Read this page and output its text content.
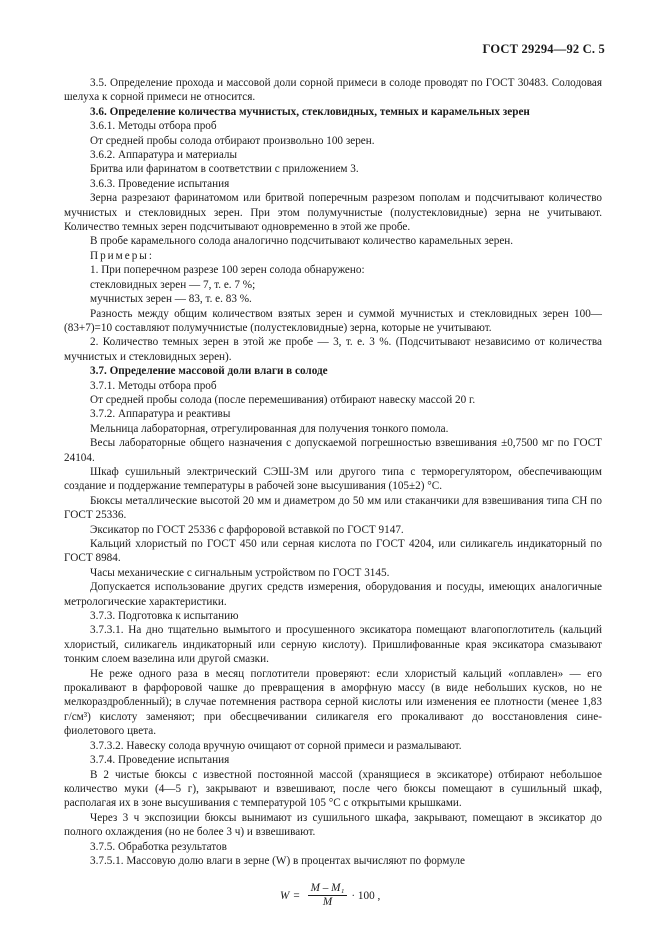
ГОСТ 29294—92 С. 5

3.5. Определение прохода и массовой доли сорной примеси в солоде проводят по ГОСТ 30483. Солодовая шелуха к сорной примеси не относится.

3.6. Определение количества мучнистых, стекловидных, темных и карамельных зерен

3.6.1. Методы отбора проб

От средней пробы солода отбирают произвольно 100 зерен.

3.6.2. Аппаратура и материалы

Бритва или фаринатом в соответствии с приложением 3.

3.6.3. Проведение испытания

Зерна разрезают фаринатомом или бритвой поперечным разрезом пополам и подсчитывают количество мучнистых и стекловидных зерен. При этом полумучнистые (полустекловидные) зерна не учитывают. Количество темных зерен подсчитывают одновременно в этой же пробе.

В пробе карамельного солода аналогично подсчитывают количество карамельных зерен.

Примеры:

1. При поперечном разрезе 100 зерен солода обнаружено:

стекловидных зерен — 7, т. е. 7 %;

мучнистых зерен — 83, т. е. 83 %.

Разность между общим количеством взятых зерен и суммой мучнистых и стекловидных зерен 100—(83+7)=10 составляют полумучнистые (полустекловидные) зерна, которые не учитывают.

2. Количество темных зерен в этой же пробе — 3, т. е. 3 %. (Подсчитывают независимо от количества мучнистых и стекловидных зерен).

3.7. Определение массовой доли влаги в солоде

3.7.1. Методы отбора проб

От средней пробы солода (после перемешивания) отбирают навеску массой 20 г.

3.7.2. Аппаратура и реактивы

Мельница лабораторная, отрегулированная для получения тонкого помола.

Весы лабораторные общего назначения с допускаемой погрешностью взвешивания ±0,7500 мг по ГОСТ 24104.

Шкаф сушильный электрический СЭШ-3М или другого типа с терморегулятором, обеспечивающим создание и поддержание температуры в рабочей зоне высушивания (105±2) °С.

Бюксы металлические высотой 20 мм и диаметром до 50 мм или стаканчики для взвешивания типа СН по ГОСТ 25336.

Эксикатор по ГОСТ 25336 с фарфоровой вставкой по ГОСТ 9147.

Кальций хлористый по ГОСТ 450 или серная кислота по ГОСТ 4204, или силикагель индикаторный по ГОСТ 8984.

Часы механические с сигнальным устройством по ГОСТ 3145.

Допускается использование других средств измерения, оборудования и посуды, имеющих аналогичные метрологические характеристики.

3.7.3. Подготовка к испытанию

3.7.3.1. На дно тщательно вымытого и просушенного эксикатора помещают влагопоглотитель (кальций хлористый, силикагель индикаторный или серную кислоту). Пришлифованные края эксикатора смазывают тонким слоем вазелина или другой смазки.

Не реже одного раза в месяц поглотители проверяют: если хлористый кальций «оплавлен» — его прокаливают в фарфоровой чашке до превращения в аморфную массу (в виде небольших кусков, но не мелкораздробленный); в случае потемнения раствора серной кислоты или изменения ее плотности (менее 1,83 г/см³) кислоту заменяют; при обесцвечивании силикагеля его прокаливают до восстановления сине-фиолетового цвета.

3.7.3.2. Навеску солода вручную очищают от сорной примеси и размалывают.

3.7.4. Проведение испытания

В 2 чистые бюксы с известной постоянной массой (хранящиеся в эксикаторе) отбирают небольшое количество муки (4—5 г), закрывают и взвешивают, после чего бюксы помещают в сушильный шкаф, располагая их в зоне высушивания с температурой 105 °С с открытыми крышками.

Через 3 ч экспозиции бюксы вынимают из сушильного шкафа, закрывают, помещают в эксикатор до полного охлаждения (но не более 3 ч) и взвешивают.

3.7.5. Обработка результатов

3.7.5.1. Массовую долю влаги в зерне (W) в процентах вычисляют по формуле

$W = \frac{\text{M – M₁}}{M} \cdot 100$ ,
